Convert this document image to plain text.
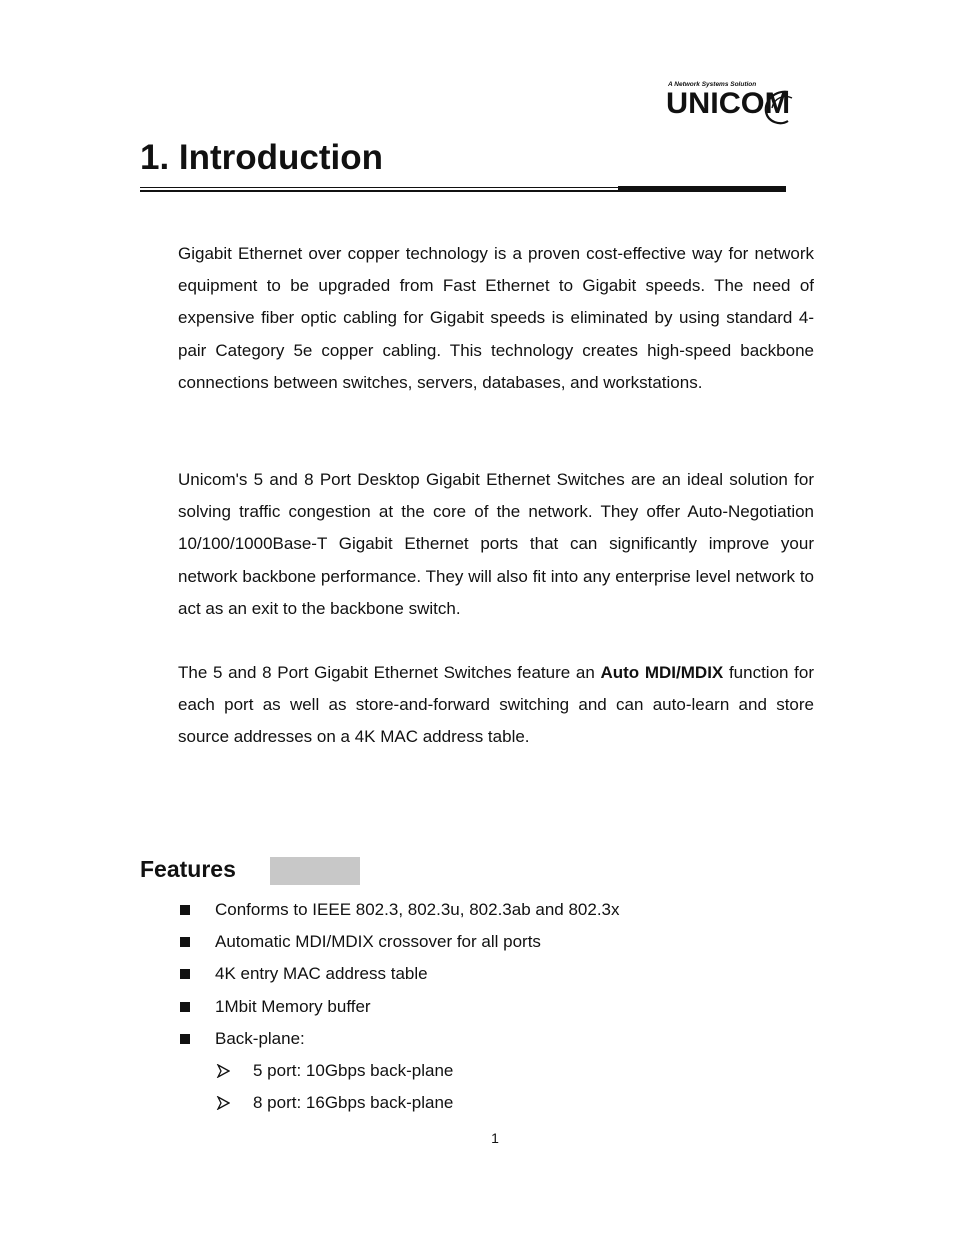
A Network Systems Solution
UNICOM
1. Introduction

Gigabit Ethernet over copper technology is a proven cost-effective way for network equipment to be upgraded from Fast Ethernet to Gigabit speeds. The need of expensive fiber optic cabling for Gigabit speeds is eliminated by using standard 4-pair Category 5e copper cabling. This technology creates high-speed backbone connections between switches, servers, databases, and workstations.

Unicom's 5 and 8 Port Desktop Gigabit Ethernet Switches are an ideal solution for solving traffic congestion at the core of the network. They offer Auto-Negotiation 10/100/1000Base-T Gigabit Ethernet ports that can significantly improve your network backbone performance. They will also fit into any enterprise level network to act as an exit to the backbone switch.

The 5 and 8 Port Gigabit Ethernet Switches feature an Auto MDI/MDIX function for each port as well as store-and-forward switching and can auto-learn and store source addresses on a 4K MAC address table.

Features
Conforms to IEEE 802.3, 802.3u, 802.3ab and 802.3x
Automatic MDI/MDIX crossover for all ports
4K entry MAC address table
1Mbit Memory buffer
Back-plane:
5 port: 10Gbps back-plane
8 port: 16Gbps back-plane
1
